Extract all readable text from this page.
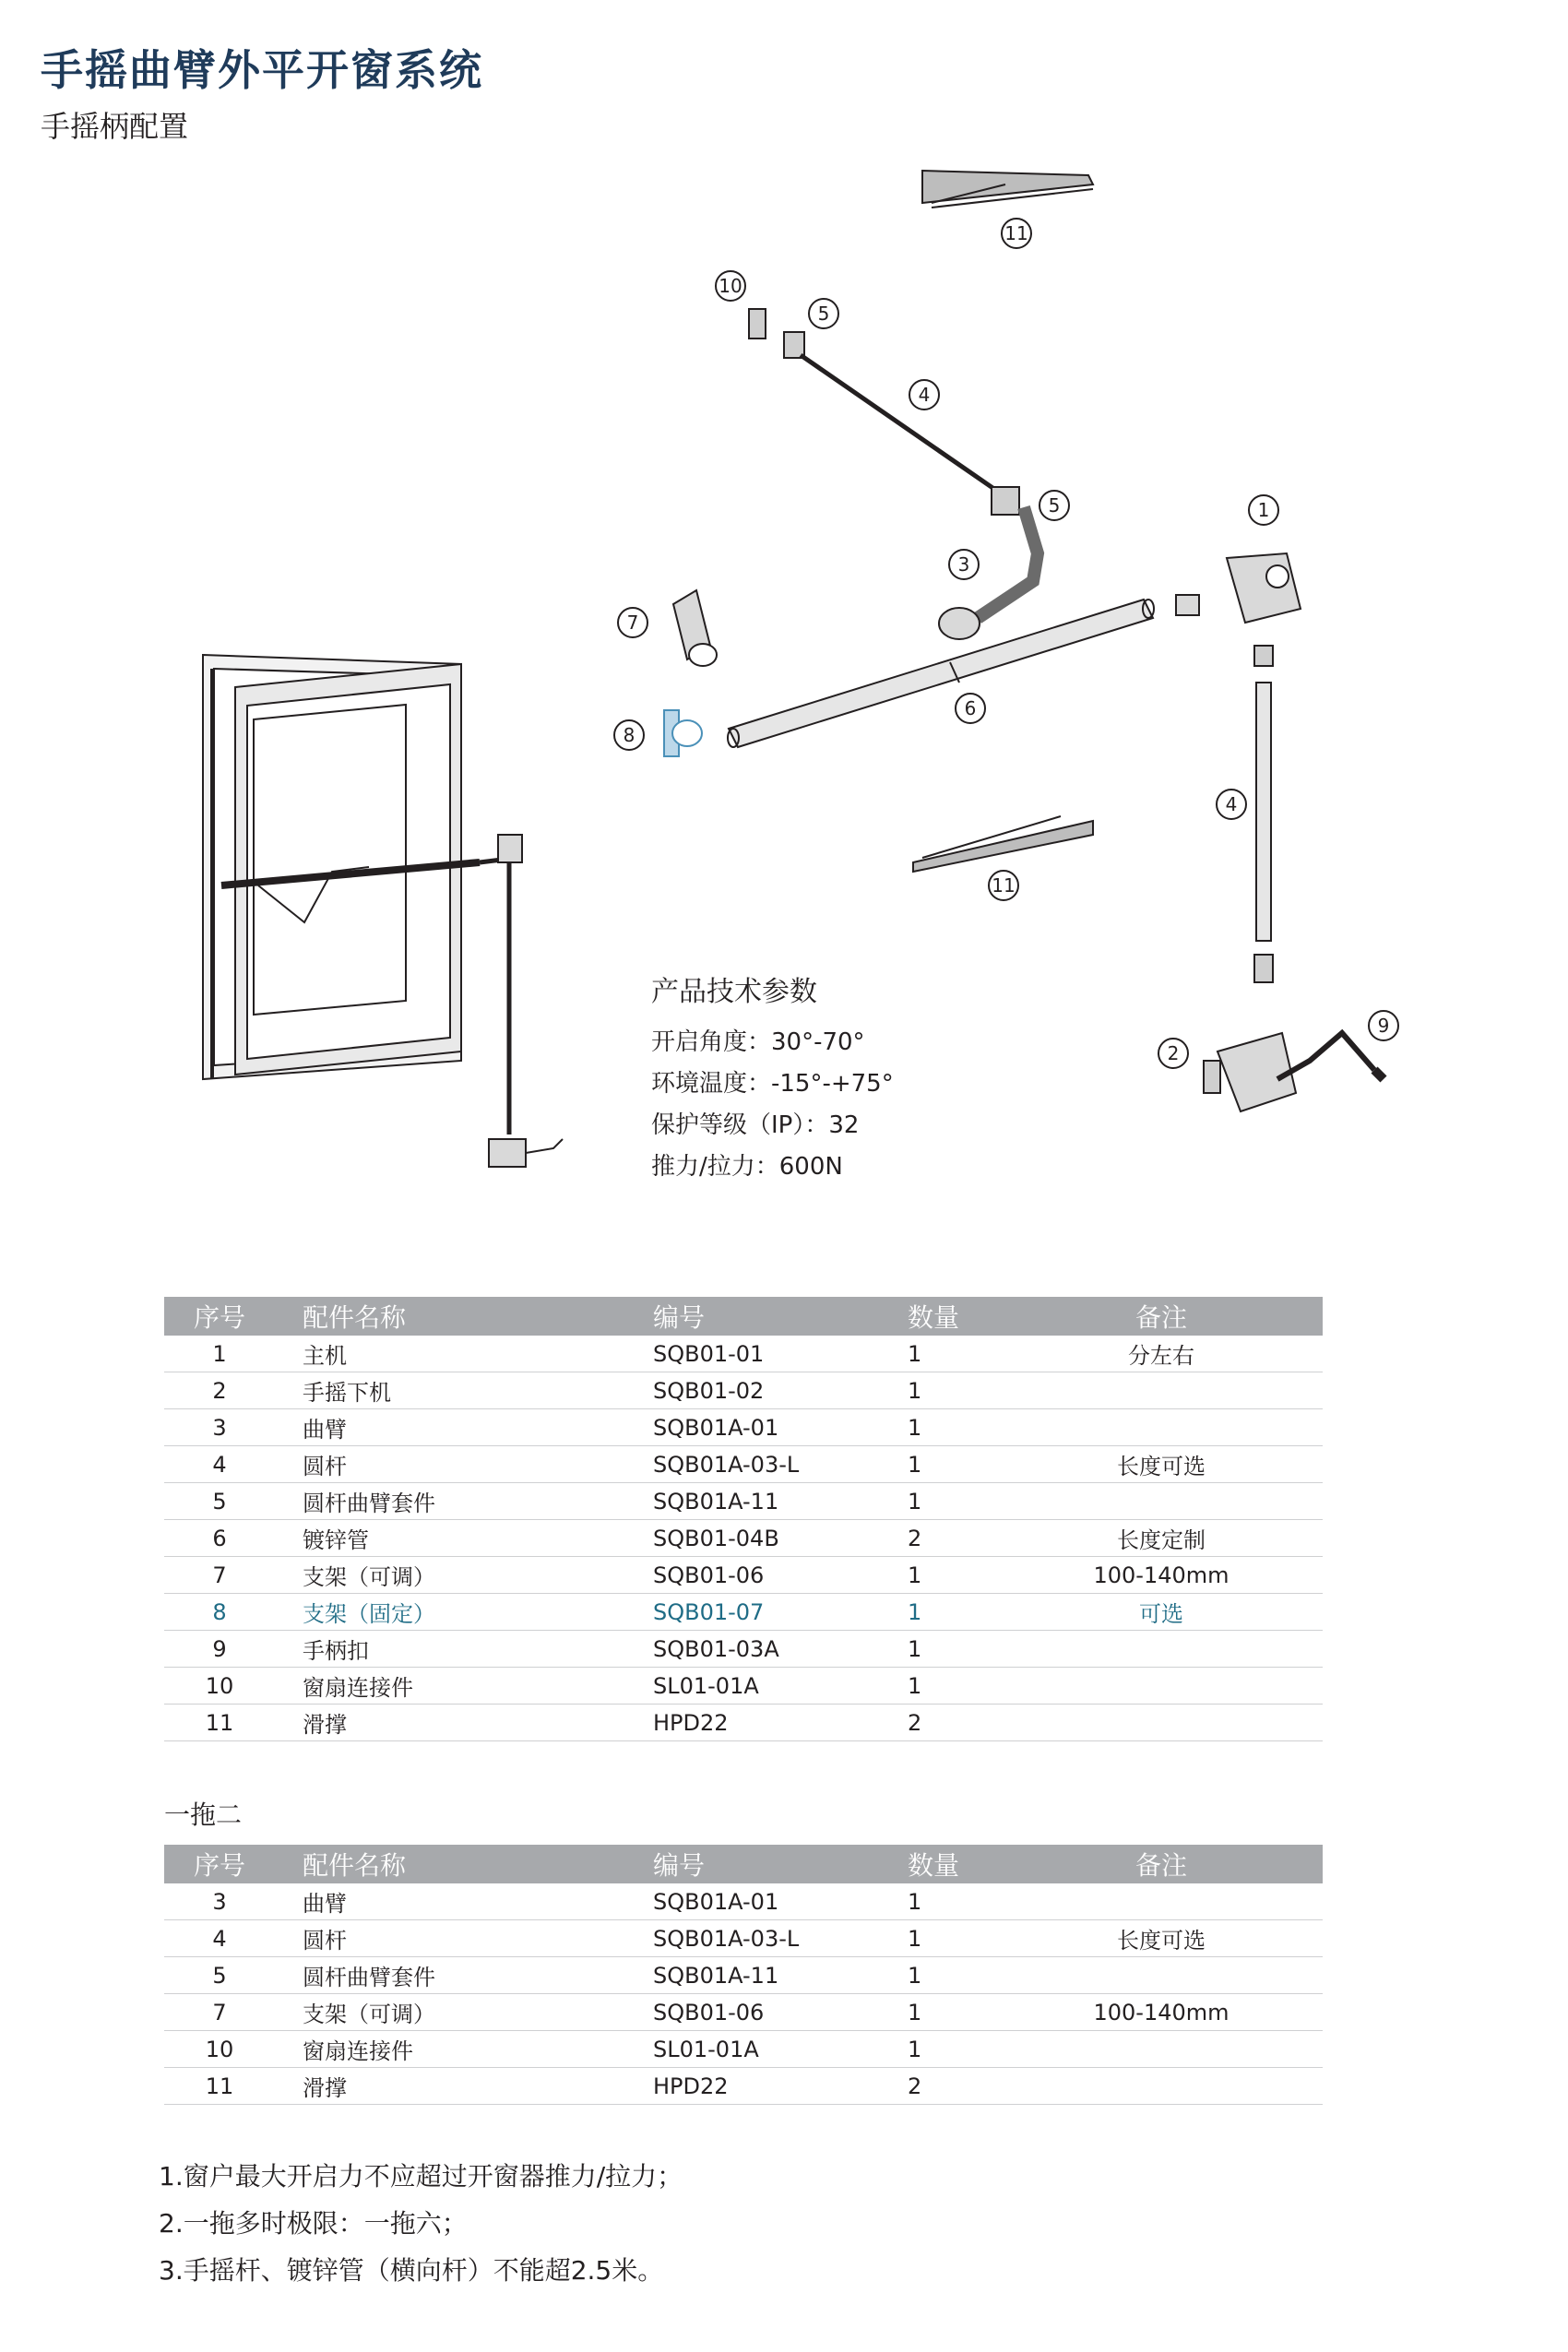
手摇曲臂外平开窗系统
手摇柄配置
1
2
3
4
4
5
5
6
7
8
9
10
11
11
产品技术参数
开启角度：30°-70°
环境温度：-15°-+75°
保护等级（IP）：32
推力/拉力：600N
序号	配件名称	编号	数量	备注
1	主机	SQB01-01	1	分左右
2	手摇下机	SQB01-02	1	
3	曲臂	SQB01A-01	1	
4	圆杆	SQB01A-03-L	1	长度可选
5	圆杆曲臂套件	SQB01A-11	1	
6	镀锌管	SQB01-04B	2	长度定制
7	支架（可调）	SQB01-06	1	100-140mm
8	支架（固定）	SQB01-07	1	可选
9	手柄扣	SQB01-03A	1	
10	窗扇连接件	SL01-01A	1	
11	滑撑	HPD22	2	
一拖二
序号	配件名称	编号	数量	备注
3	曲臂	SQB01A-01	1	
4	圆杆	SQB01A-03-L	1	长度可选
5	圆杆曲臂套件	SQB01A-11	1	
7	支架（可调）	SQB01-06	1	100-140mm
10	窗扇连接件	SL01-01A	1	
11	滑撑	HPD22	2	
1.窗户最大开启力不应超过开窗器推力/拉力；
2.一拖多时极限：一拖六；
3.手摇杆、镀锌管（横向杆）不能超2.5米。
